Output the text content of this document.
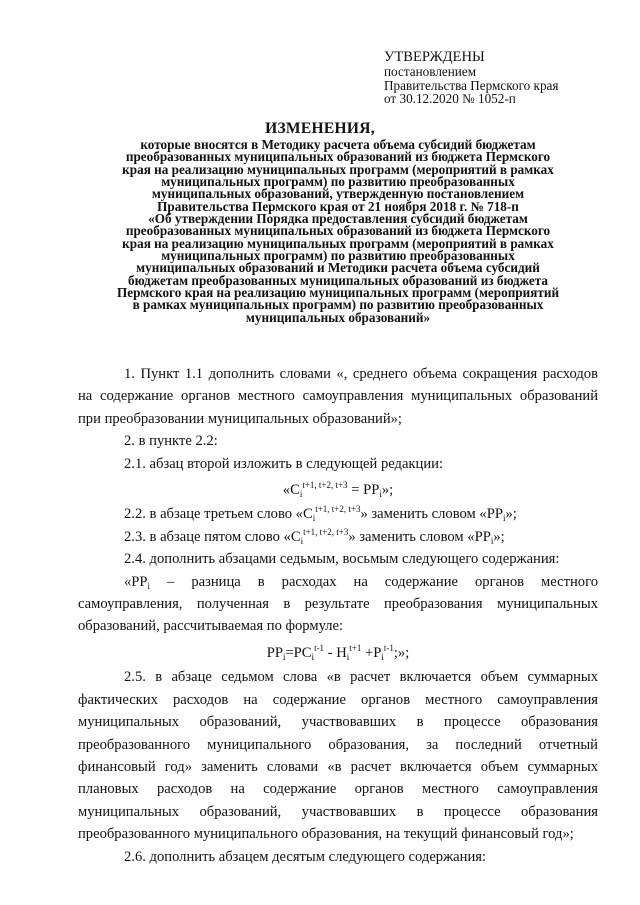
УТВЕРЖДЕНЫ
постановлением
Правительства Пермского края
от 30.12.2020 № 1052-п
ИЗМЕНЕНИЯ,
которые вносятся в Методику расчета объема субсидий бюджетам
преобразованных муниципальных образований из бюджета Пермского
края на реализацию муниципальных программ (мероприятий в рамках
муниципальных программ) по развитию преобразованных
муниципальных образований, утвержденную постановлением
Правительства Пермского края от 21 ноября 2018 г. № 718-п
«Об утверждении Порядка предоставления субсидий бюджетам
преобразованных муниципальных образований из бюджета Пермского
края на реализацию муниципальных программ (мероприятий в рамках
муниципальных программ) по развитию преобразованных
муниципальных образований и Методики расчета объема субсидий
бюджетам преобразованных муниципальных образований из бюджета
Пермского края на реализацию муниципальных программ (мероприятий
в рамках муниципальных программ) по развитию преобразованных
муниципальных образований»
1. Пункт 1.1 дополнить словами «, среднего объема сокращения расходов на содержание органов местного самоуправления муниципальных образований при преобразовании муниципальных образований»;
2. в пункте 2.2:
2.1. абзац второй изложить в следующей редакции:
«$C_i^{t+1, t+2, t+3} = PP_i$»;
2.2. в абзаце третьем слово «$C_i^{t+1, t+2, t+3}$» заменить словом «$PP_i$»;
2.3. в абзаце пятом слово «$C_i^{t+1, t+2, t+3}$» заменить словом «$PP_i$»;
2.4. дополнить абзацами седьмым, восьмым следующего содержания:
«$PP_i$ – разница в расходах на содержание органов местного самоуправления, полученная в результате преобразования муниципальных образований, рассчитываемая по формуле:
$PP_i=PC_i^{t-1} - H_i^{t+1} +P_i^{t-1}$;»;
2.5. в абзаце седьмом слова «в расчет включается объем суммарных фактических расходов на содержание органов местного самоуправления муниципальных образований, участвовавших в процессе образования преобразованного муниципального образования, за последний отчетный финансовый год» заменить словами «в расчет включается объем суммарных плановых расходов на содержание органов местного самоуправления муниципальных образований, участвовавших в процессе образования преобразованного муниципального образования, на текущий финансовый год»;
2.6. дополнить абзацем десятым следующего содержания:
